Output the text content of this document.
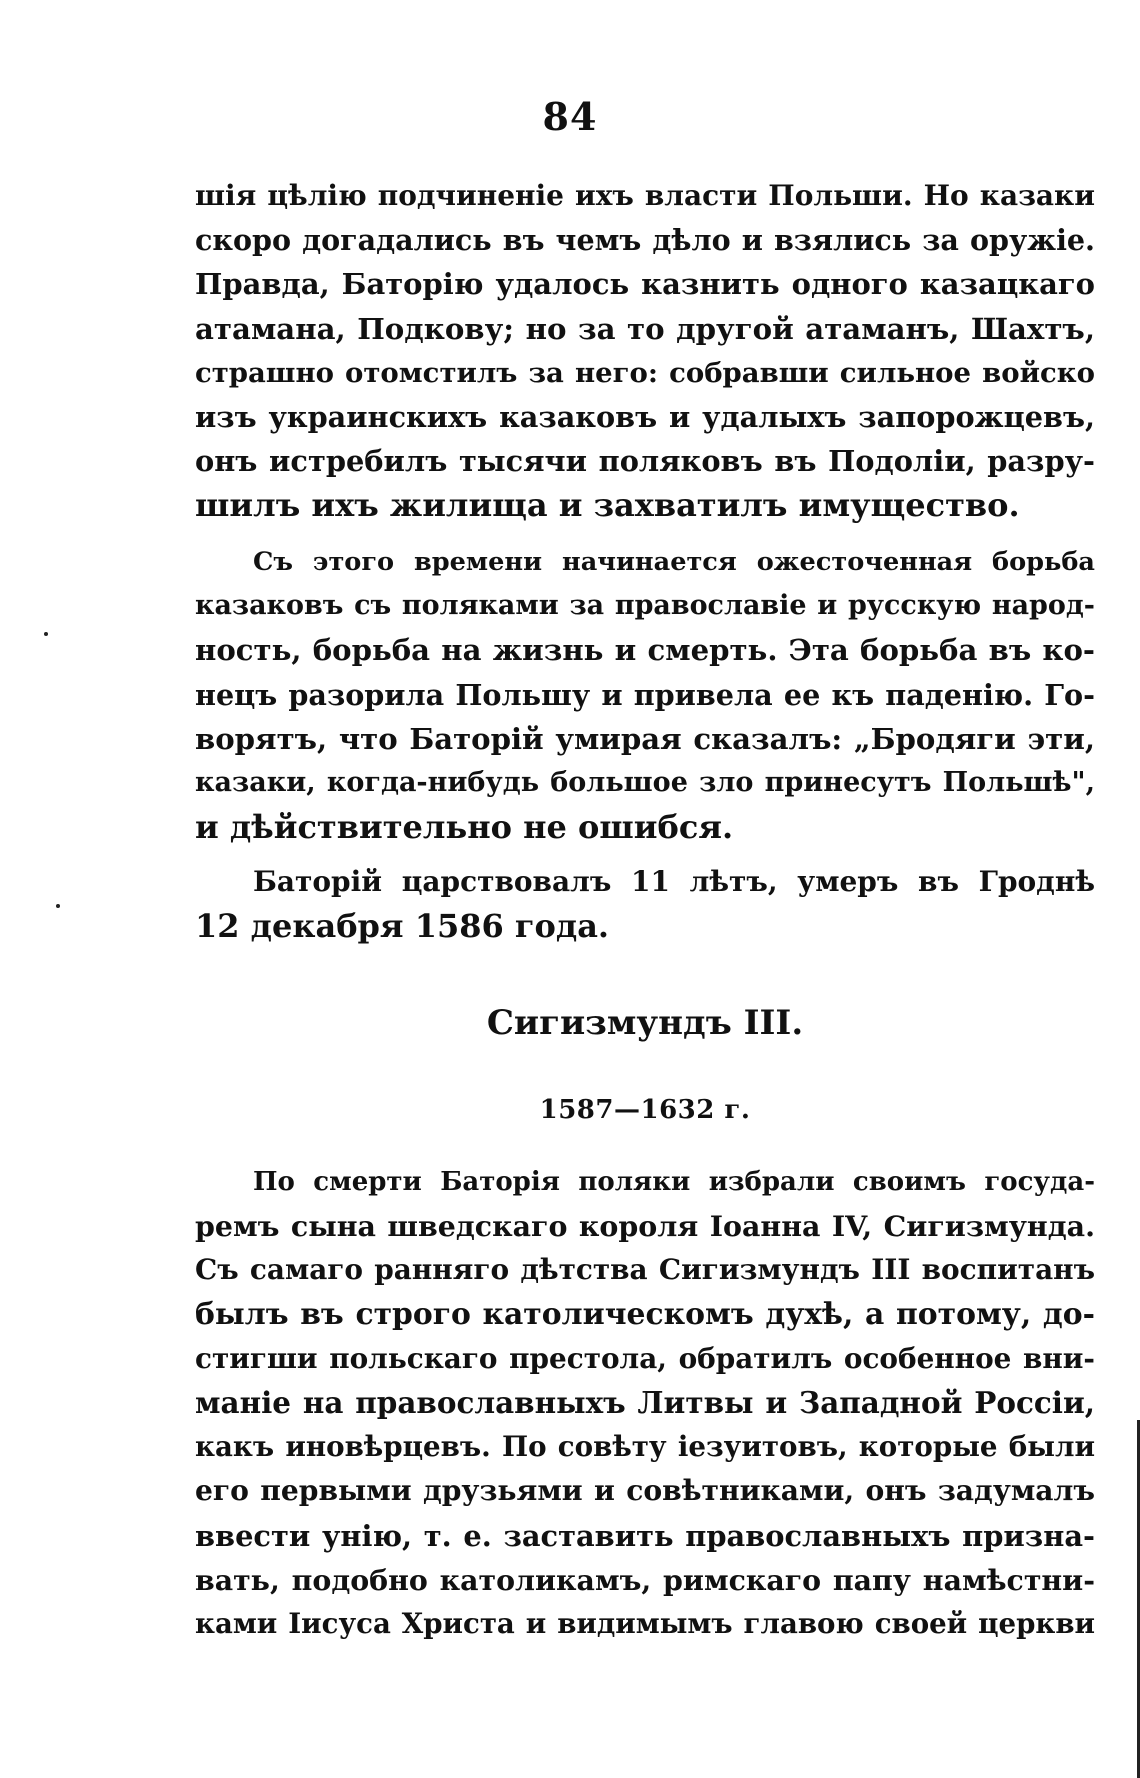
84
шія цѣлію подчиненіе ихъ власти Польши. Но казаки
скоро догадались въ чемъ дѣло и взялись за оружіе.
Правда, Баторію удалось казнить одного казацкаго
атамана, Подкову; но за то другой атаманъ, Шахтъ,
страшно отомстилъ за него: собравши сильное войско
изъ украинскихъ казаковъ и удалыхъ запорожцевъ,
онъ истребилъ тысячи поляковъ въ Подоліи, разру-
шилъ ихъ жилища и захватилъ имущество.
Съ этого времени начинается ожесточенная борьба
казаковъ съ поляками за православіе и русскую народ-
ность, борьба на жизнь и смерть. Эта борьба въ ко-
нецъ разорила Польшу и привела ее къ паденію. Го-
ворятъ, что Баторій умирая сказалъ: „Бродяги эти,
казаки, когда-нибудь большое зло принесутъ Польшѣ",
и дѣйствительно не ошибся.
Баторій царствовалъ 11 лѣтъ, умеръ въ Гроднѣ
12 декабря 1586 года.
Сигизмундъ III.
1587—1632 г.
По смерти Баторія поляки избрали своимъ госуда-
ремъ сына шведскаго короля Іоанна IV, Сигизмунда.
Съ самаго ранняго дѣтства Сигизмундъ III воспитанъ
былъ въ строго католическомъ духѣ, а потому, до-
стигши польскаго престола, обратилъ особенное вни-
маніе на православныхъ Литвы и Западной Россіи,
какъ иновѣрцевъ. По совѣту іезуитовъ, которые были
его первыми друзьями и совѣтниками, онъ задумалъ
ввести унію, т. е. заставить православныхъ призна-
вать, подобно католикамъ, римскаго папу намѣстни-
ками Іисуса Христа и видимымъ главою своей церкви
